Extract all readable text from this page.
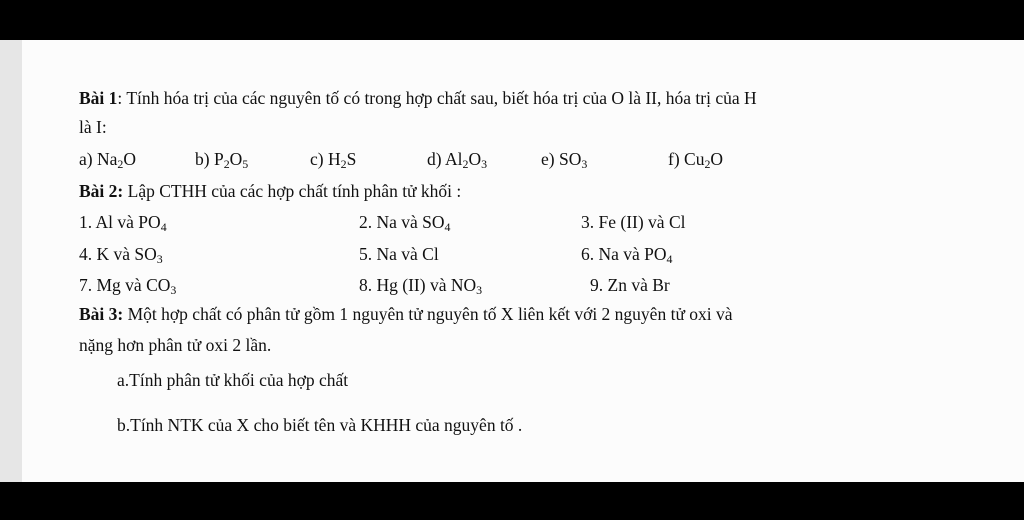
Bài 1: Tính hóa trị của các nguyên tố có trong hợp chất sau, biết hóa trị của O là II, hóa trị của H
là I:
a) $Na_2O$	b) $P_2O_5$	c) $H_2S$	d) $Al_2O_3$	e) $SO_3$	f) $Cu_2O$
Bài 2: Lập CTHH của các hợp chất tính phân tử khối :
1. Al và $PO_4$	2. Na và $SO_4$	3. Fe (II) và Cl
4. K và $SO_3$	5. Na và Cl	6. Na và $PO_4$
7. Mg và $CO_3$	8. Hg (II) và $NO_3$	9. Zn và Br
Bài 3: Một hợp chất có phân tử gồm 1 nguyên tử nguyên tố X liên kết với 2 nguyên tử oxi và
nặng hơn phân tử oxi 2 lần.
a.Tính phân tử khối của hợp chất
b.Tính NTK của X cho biết tên và KHHH của nguyên tố .
